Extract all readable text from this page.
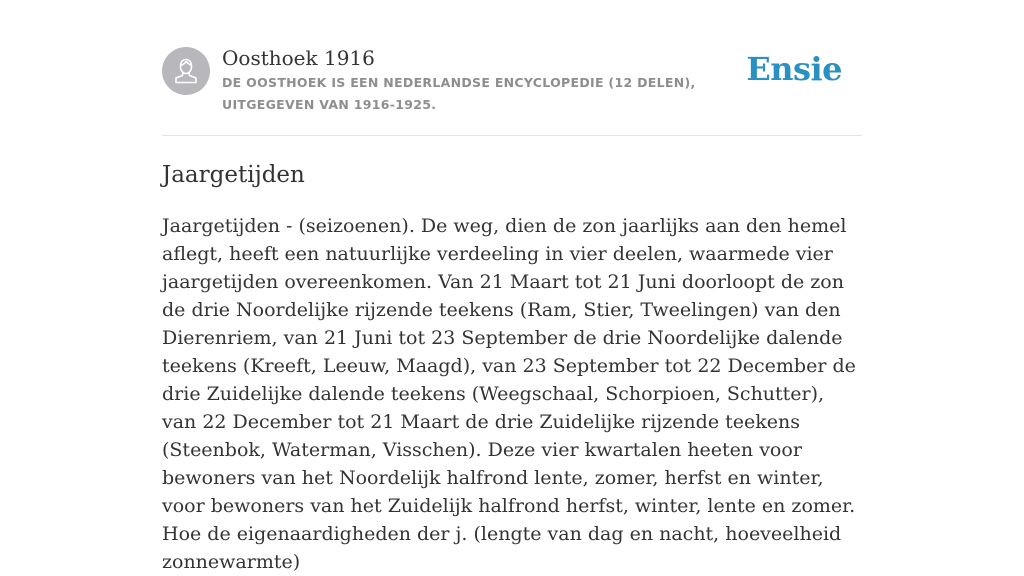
Oosthoek 1916
DE OOSTHOEK IS EEN NEDERLANDSE ENCYCLOPEDIE (12 DELEN), UITGEGEVEN VAN 1916-1925.
Ensie
Jaargetijden

Jaargetijden - (seizoenen). De weg, dien de zon jaarlijks aan den hemel aflegt, heeft een natuurlijke verdeeling in vier deelen, waarmede vier jaargetijden overeenkomen. Van 21 Maart tot 21 Juni doorloopt de zon de drie Noordelijke rijzende teekens (Ram, Stier, Tweelingen) van den Dierenriem, van 21 Juni tot 23 September de drie Noordelijke dalende teekens (Kreeft, Leeuw, Maagd), van 23 September tot 22 December de drie Zuidelijke dalende teekens (Weegschaal, Schorpioen, Schutter), van 22 December tot 21 Maart de drie Zuidelijke rijzende teekens (Steenbok, Waterman, Visschen). Deze vier kwartalen heeten voor bewoners van het Noordelijk halfrond lente, zomer, herfst en winter, voor bewoners van het Zuidelijk halfrond herfst, winter, lente en zomer. Hoe de eigenaardigheden der j. (lengte van dag en nacht, hoeveelheid zonnewarmte)
